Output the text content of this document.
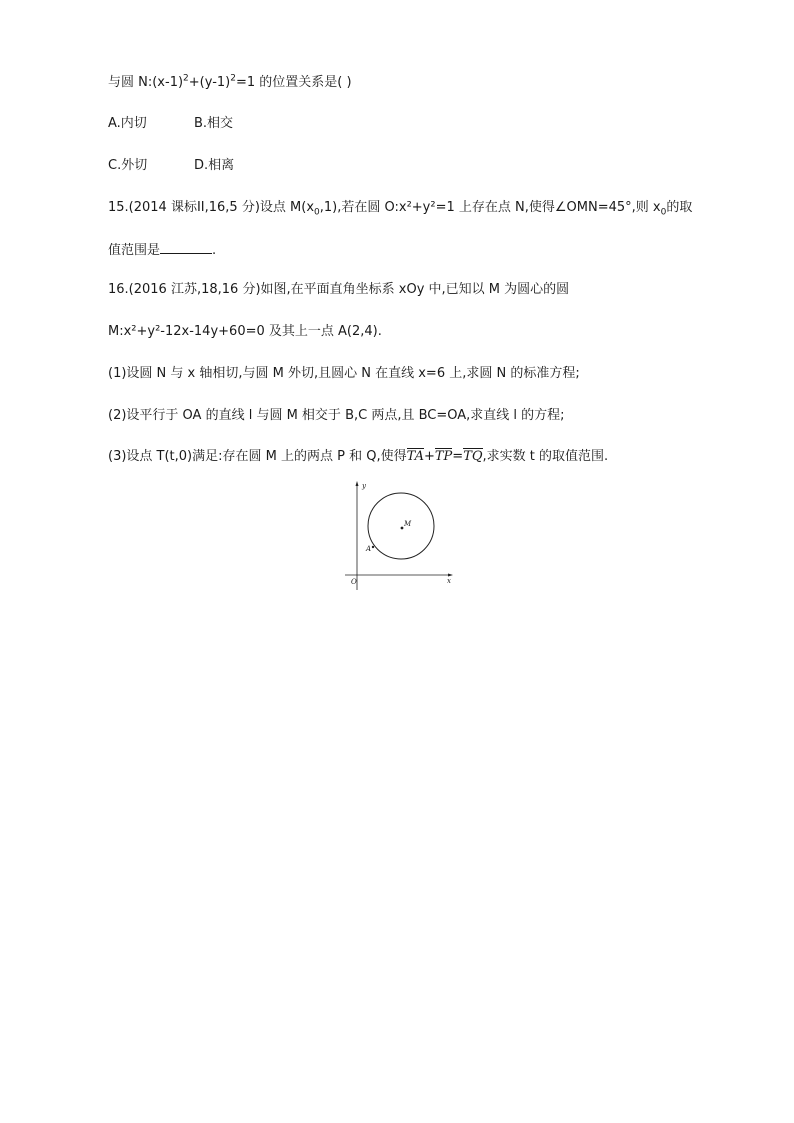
与圆 $N:(x-1)^2+(y-1)^2=1$ 的位置关系是( )
A.内切	B.相交
C.外切	D.相离
15.(2014 课标II,16,5 分)设点 $M(x_0,1)$,若在圆 O:x²+y²=1 上存在点 N,使得∠OMN=45°,则 $x_0$的取
值范围是	.
16.(2016 江苏,18,16 分)如图,在平面直角坐标系 xOy 中,已知以 M 为圆心的圆
M:x²+y²-12x-14y+60=0 及其上一点 A(2,4).
(1)设圆 N 与 x 轴相切,与圆 M 外切,且圆心 N 在直线 x=6 上,求圆 N 的标准方程;
(2)设平行于 OA 的直线 l 与圆 M 相交于 B,C 两点,且 BC=OA,求直线 l 的方程;
(3)设点 T(t,0)满足:存在圆 M 上的两点 P 和 Q,使得TA+TP=TQ,求实数 t 的取值范围.
y
x
O
M
A
